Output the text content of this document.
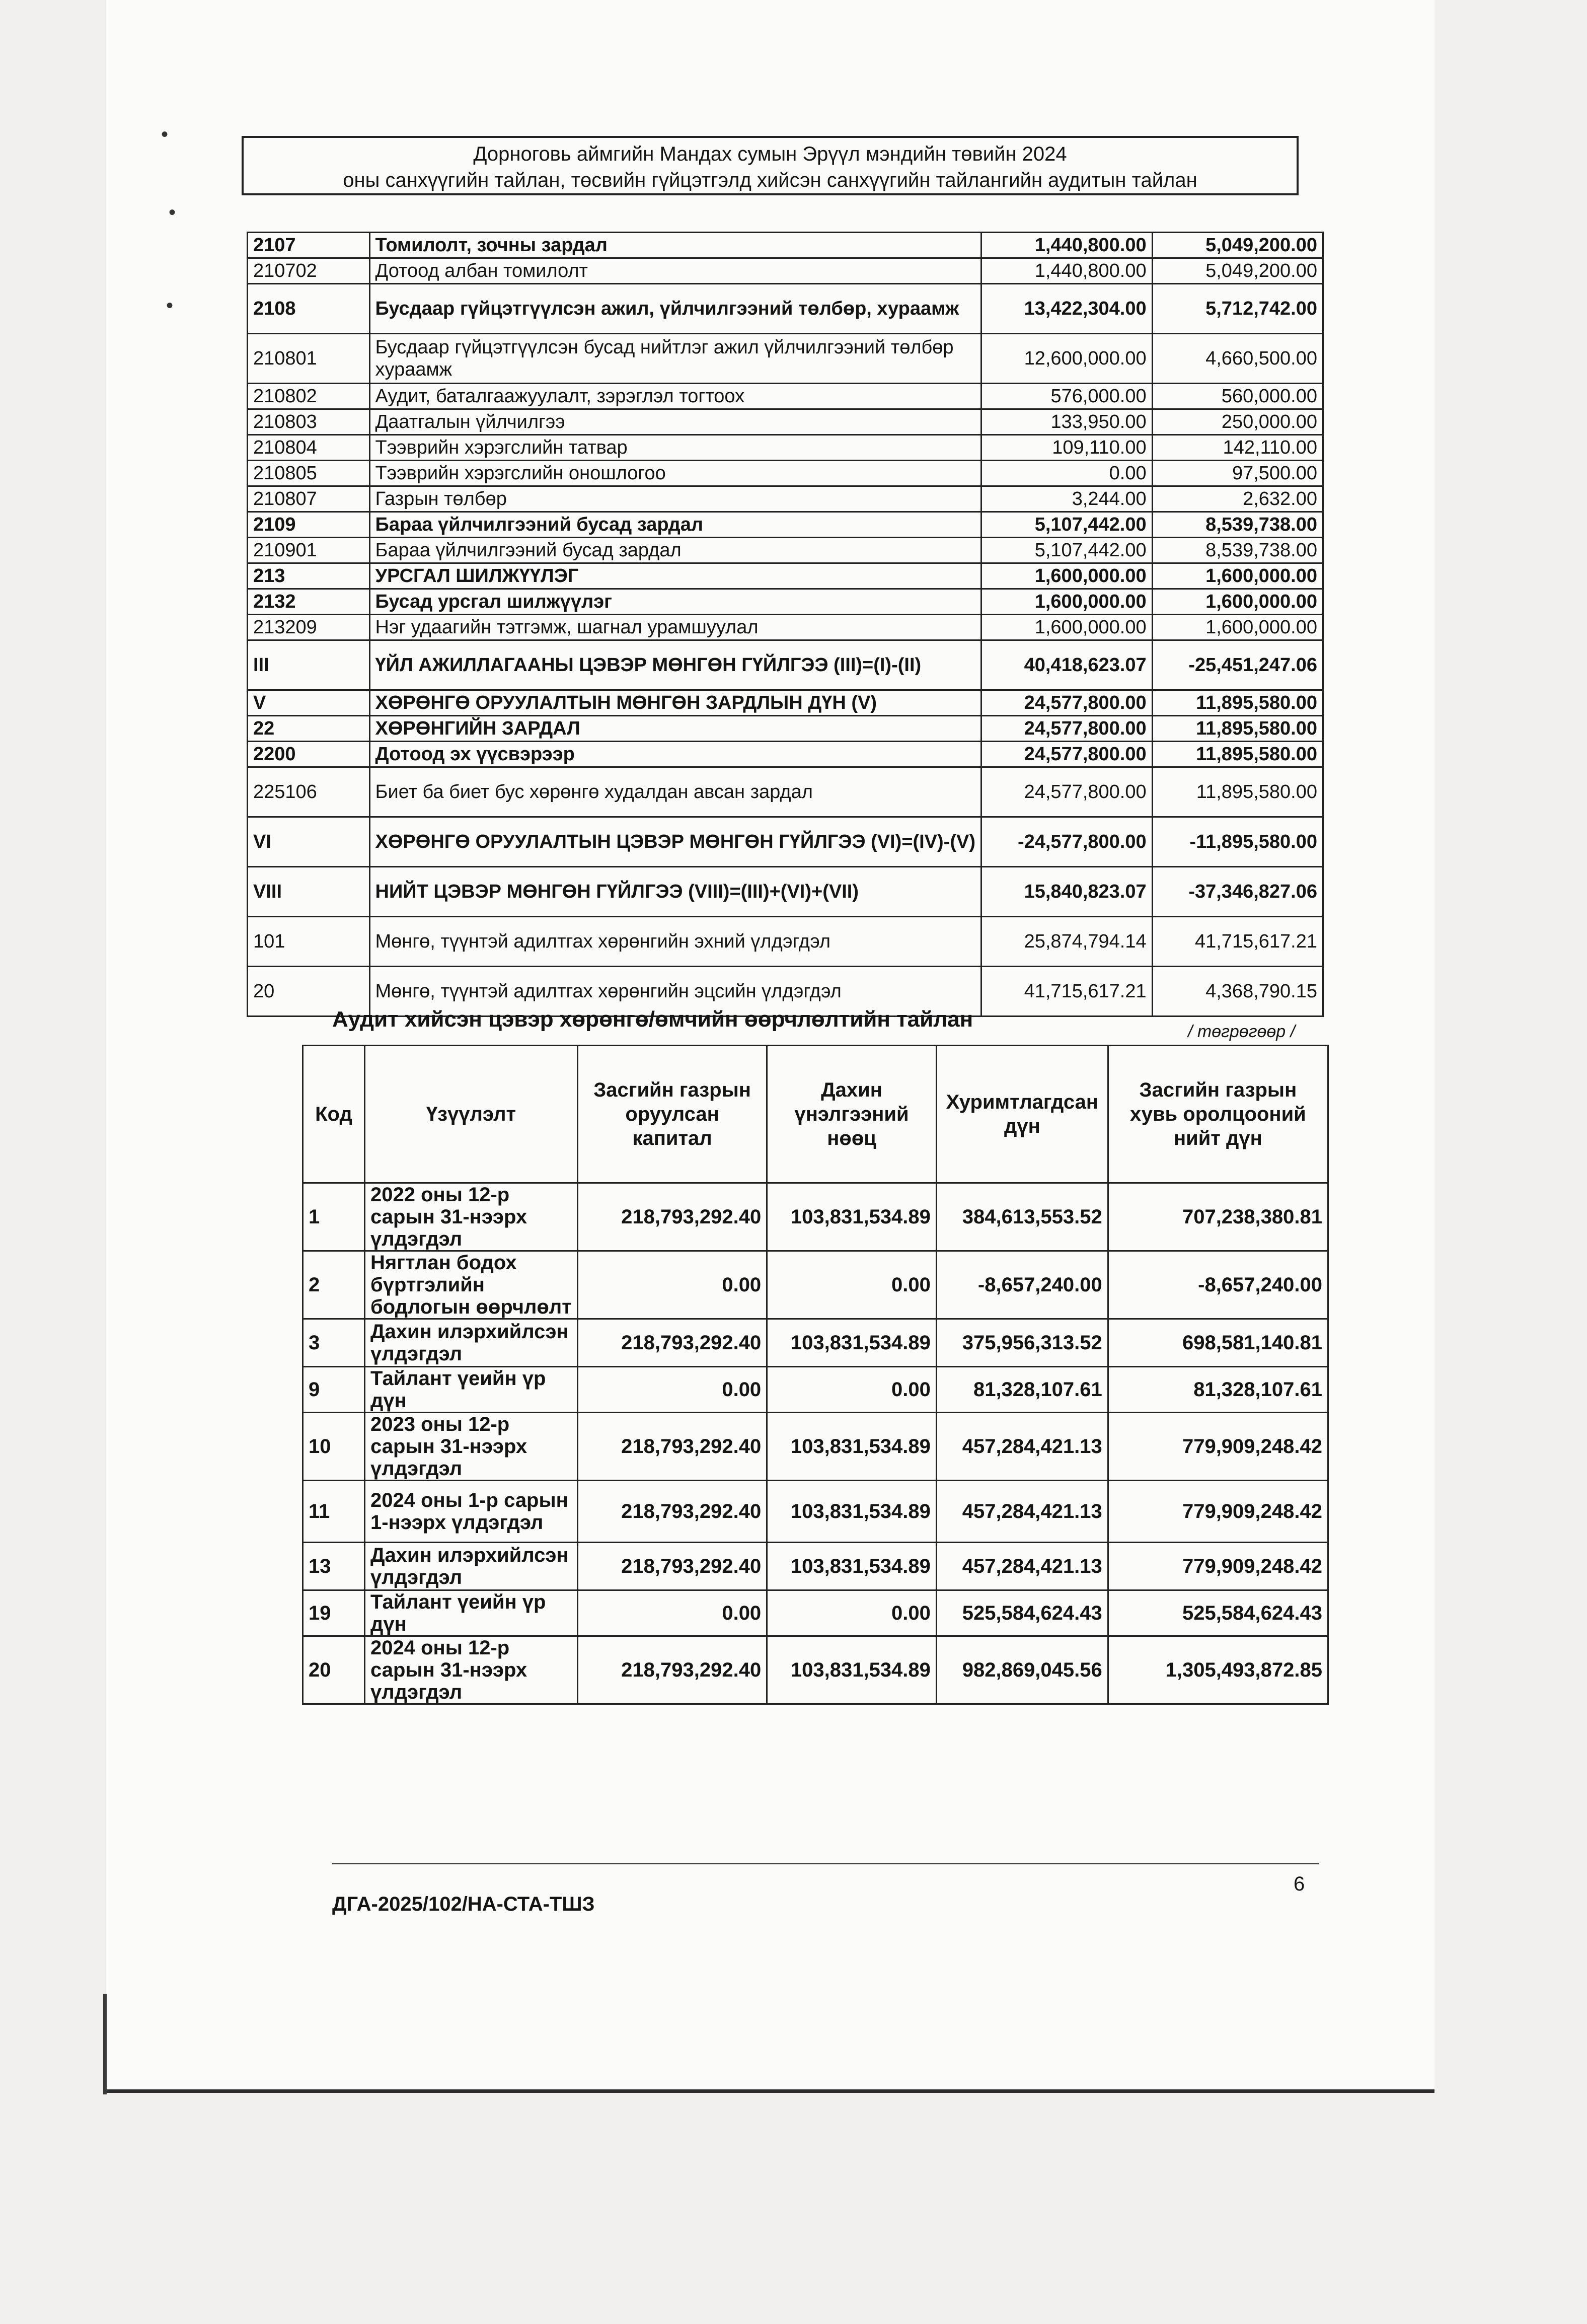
•
•
•
Дорноговь аймгийн Мандах сумын Эрүүл мэндийн төвийн 2024
оны санхүүгийн тайлан, төсвийн гүйцэтгэлд хийсэн санхүүгийн тайлангийн аудитын тайлан
2107	Томилолт, зочны зардал	1,440,800.00	5,049,200.00
210702	Дотоод албан томилолт	1,440,800.00	5,049,200.00
2108	Бусдаар гүйцэтгүүлсэн ажил, үйлчилгээний төлбөр, хураамж	13,422,304.00	5,712,742.00
210801	Бусдаар гүйцэтгүүлсэн бусад нийтлэг ажил үйлчилгээний төлбөр хураамж	12,600,000.00	4,660,500.00
210802	Аудит, баталгаажуулалт, зэрэглэл тогтоох	576,000.00	560,000.00
210803	Даатгалын үйлчилгээ	133,950.00	250,000.00
210804	Тээврийн хэрэгслийн татвар	109,110.00	142,110.00
210805	Тээврийн хэрэгслийн оношлогоо	0.00	97,500.00
210807	Газрын төлбөр	3,244.00	2,632.00
2109	Бараа үйлчилгээний бусад зардал	5,107,442.00	8,539,738.00
210901	Бараа үйлчилгээний бусад зардал	5,107,442.00	8,539,738.00
213	УРСГАЛ ШИЛЖҮҮЛЭГ	1,600,000.00	1,600,000.00
2132	Бусад урсгал шилжүүлэг	1,600,000.00	1,600,000.00
213209	Нэг удаагийн тэтгэмж, шагнал урамшуулал	1,600,000.00	1,600,000.00
III	ҮЙЛ АЖИЛЛАГААНЫ ЦЭВЭР МӨНГӨН ГҮЙЛГЭЭ (III)=(I)-(II)	40,418,623.07	-25,451,247.06
V	ХӨРӨНГӨ ОРУУЛАЛТЫН МӨНГӨН ЗАРДЛЫН ДҮН (V)	24,577,800.00	11,895,580.00
22	ХӨРӨНГИЙН ЗАРДАЛ	24,577,800.00	11,895,580.00
2200	Дотоод эх үүсвэрээр	24,577,800.00	11,895,580.00
225106	Биет ба биет бус хөрөнгө худалдан авсан зардал	24,577,800.00	11,895,580.00
VI	ХӨРӨНГӨ ОРУУЛАЛТЫН ЦЭВЭР МӨНГӨН ГҮЙЛГЭЭ (VI)=(IV)-(V)	-24,577,800.00	-11,895,580.00
VIII	НИЙТ ЦЭВЭР МӨНГӨН ГҮЙЛГЭЭ (VIII)=(III)+(VI)+(VII)	15,840,823.07	-37,346,827.06
101	Мөнгө, түүнтэй адилтгах хөрөнгийн эхний үлдэгдэл	25,874,794.14	41,715,617.21
20	Мөнгө, түүнтэй адилтгах хөрөнгийн эцсийн үлдэгдэл	41,715,617.21	4,368,790.15
Аудит хийсэн цэвэр хөрөнгө/өмчийн өөрчлөлтийн тайлан	/ төгрөгөөр /
Код	Үзүүлэлт	Засгийн газрын оруулсан капитал	Дахин үнэлгээний нөөц	Хуримтлагдсан дүн	Засгийн газрын хувь оролцооний нийт дүн
1	2022 оны 12-р сарын 31-нээрх үлдэгдэл	218,793,292.40	103,831,534.89	384,613,553.52	707,238,380.81
2	Нягтлан бодох бүртгэлийн бодлогын өөрчлөлт	0.00	0.00	-8,657,240.00	-8,657,240.00
3	Дахин илэрхийлсэн үлдэгдэл	218,793,292.40	103,831,534.89	375,956,313.52	698,581,140.81
9	Тайлант үеийн үр дүн	0.00	0.00	81,328,107.61	81,328,107.61
10	2023 оны 12-р сарын 31-нээрх үлдэгдэл	218,793,292.40	103,831,534.89	457,284,421.13	779,909,248.42
11	2024 оны 1-р сарын 1-нээрх үлдэгдэл	218,793,292.40	103,831,534.89	457,284,421.13	779,909,248.42
13	Дахин илэрхийлсэн үлдэгдэл	218,793,292.40	103,831,534.89	457,284,421.13	779,909,248.42
19	Тайлант үеийн үр дүн	0.00	0.00	525,584,624.43	525,584,624.43
20	2024 оны 12-р сарын 31-нээрх үлдэгдэл	218,793,292.40	103,831,534.89	982,869,045.56	1,305,493,872.85
6
ДГА-2025/102/НА-СТА-ТШЗ
